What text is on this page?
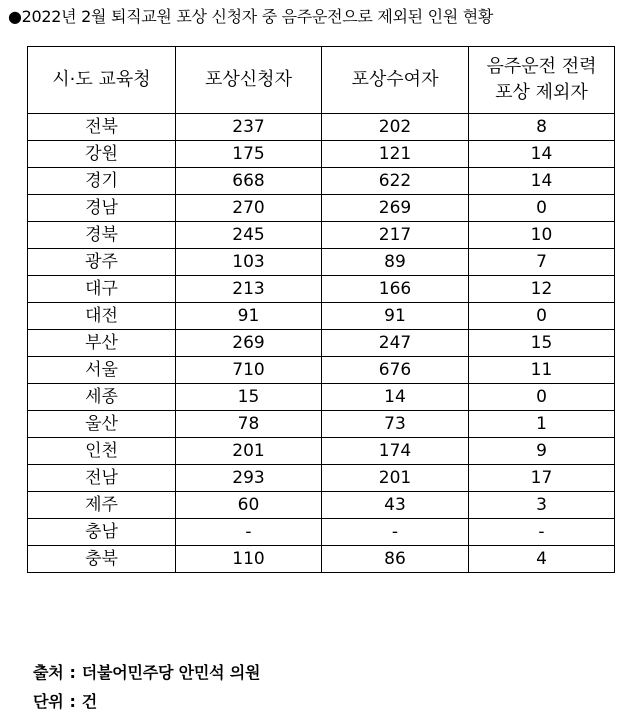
●2022년 2월 퇴직교원 포상 신청자 중 음주운전으로 제외된 인원 현황
시·도 교육청	포상신청자	포상수여자	음주운전 전력
포상 제외자

전북	237	202	8
강원	175	121	14
경기	668	622	14
경남	270	269	0
경북	245	217	10
광주	103	89	7
대구	213	166	12
대전	91	91	0
부산	269	247	15
서울	710	676	11
세종	15	14	0
울산	78	73	1
인천	201	174	9
전남	293	201	17
제주	60	43	3
충남	-	-	-
충북	110	86	4
출처 : 더불어민주당 안민석 의원
단위 : 건
